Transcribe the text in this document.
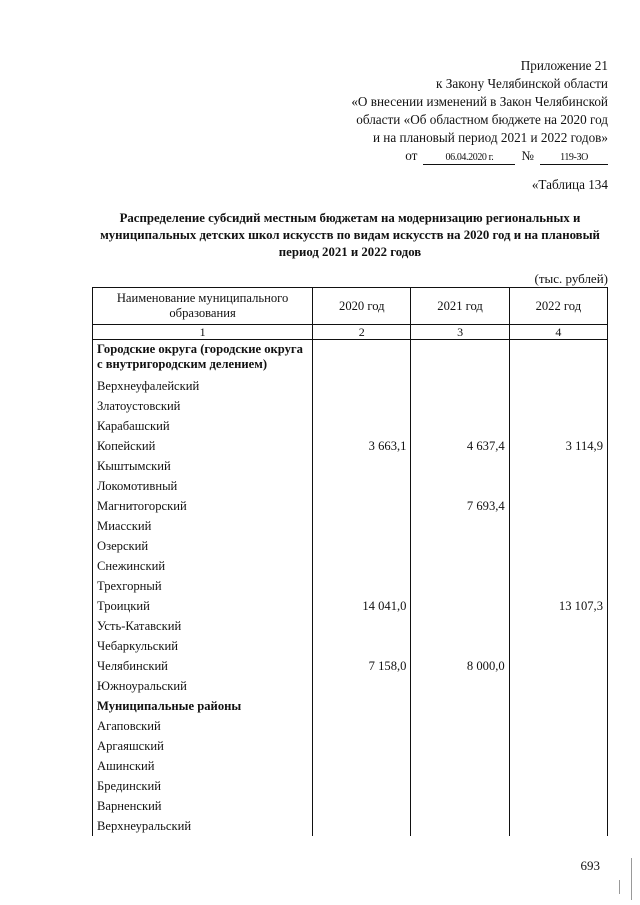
Приложение 21
к Закону Челябинской области
«О внесении изменений в Закон Челябинской
области «Об областном бюджете на 2020 год
и на плановый период 2021 и 2022 годов»
от	06.04.2020 г.	№	119-ЗО
«Таблица 134
Распределение субсидий местным бюджетам на модернизацию региональных и муниципальных детских школ искусств по видам искусств на 2020 год и на плановый период 2021 и 2022 годов
(тыс. рублей)
Наименование муниципального образования	2020 год	2021 год	2022 год
1	2	3	4
Городские округа (городские округа с внутригородским делением)			
Верхнеуфалейский			
Златоустовский			
Карабашский			
Копейский	3 663,1	4 637,4	3 114,9
Кыштымский			
Локомотивный			
Магнитогорский		7 693,4	
Миасский			
Озерский			
Снежинский			
Трехгорный			
Троицкий	14 041,0		13 107,3
Усть-Катавский			
Чебаркульский			
Челябинский	7 158,0	8 000,0	
Южноуральский			
Муниципальные районы			
Агаповский			
Аргаяшский			
Ашинский			
Брединский			
Варненский			
Верхнеуральский			
693
